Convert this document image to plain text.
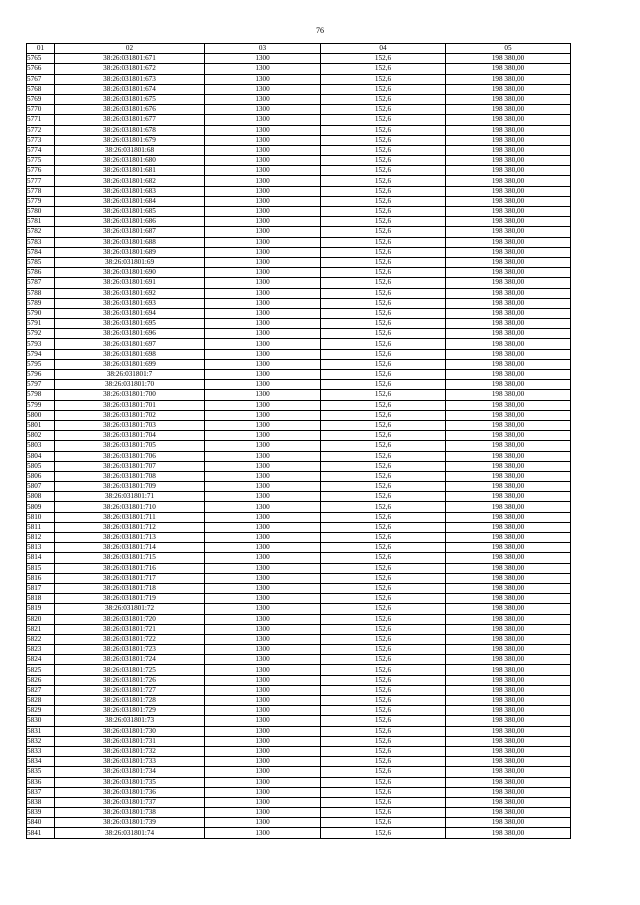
76
01	02	03	04	05
5765	38:26:031801:671	1300	152,6	198 380,00
5766	38:26:031801:672	1300	152,6	198 380,00
5767	38:26:031801:673	1300	152,6	198 380,00
5768	38:26:031801:674	1300	152,6	198 380,00
5769	38:26:031801:675	1300	152,6	198 380,00
5770	38:26:031801:676	1300	152,6	198 380,00
5771	38:26:031801:677	1300	152,6	198 380,00
5772	38:26:031801:678	1300	152,6	198 380,00
5773	38:26:031801:679	1300	152,6	198 380,00
5774	38:26:031801:68	1300	152,6	198 380,00
5775	38:26:031801:680	1300	152,6	198 380,00
5776	38:26:031801:681	1300	152,6	198 380,00
5777	38:26:031801:682	1300	152,6	198 380,00
5778	38:26:031801:683	1300	152,6	198 380,00
5779	38:26:031801:684	1300	152,6	198 380,00
5780	38:26:031801:685	1300	152,6	198 380,00
5781	38:26:031801:686	1300	152,6	198 380,00
5782	38:26:031801:687	1300	152,6	198 380,00
5783	38:26:031801:688	1300	152,6	198 380,00
5784	38:26:031801:689	1300	152,6	198 380,00
5785	38:26:031801:69	1300	152,6	198 380,00
5786	38:26:031801:690	1300	152,6	198 380,00
5787	38:26:031801:691	1300	152,6	198 380,00
5788	38:26:031801:692	1300	152,6	198 380,00
5789	38:26:031801:693	1300	152,6	198 380,00
5790	38:26:031801:694	1300	152,6	198 380,00
5791	38:26:031801:695	1300	152,6	198 380,00
5792	38:26:031801:696	1300	152,6	198 380,00
5793	38:26:031801:697	1300	152,6	198 380,00
5794	38:26:031801:698	1300	152,6	198 380,00
5795	38:26:031801:699	1300	152,6	198 380,00
5796	38:26:031801:7	1300	152,6	198 380,00
5797	38:26:031801:70	1300	152,6	198 380,00
5798	38:26:031801:700	1300	152,6	198 380,00
5799	38:26:031801:701	1300	152,6	198 380,00
5800	38:26:031801:702	1300	152,6	198 380,00
5801	38:26:031801:703	1300	152,6	198 380,00
5802	38:26:031801:704	1300	152,6	198 380,00
5803	38:26:031801:705	1300	152,6	198 380,00
5804	38:26:031801:706	1300	152,6	198 380,00
5805	38:26:031801:707	1300	152,6	198 380,00
5806	38:26:031801:708	1300	152,6	198 380,00
5807	38:26:031801:709	1300	152,6	198 380,00
5808	38:26:031801:71	1300	152,6	198 380,00
5809	38:26:031801:710	1300	152,6	198 380,00
5810	38:26:031801:711	1300	152,6	198 380,00
5811	38:26:031801:712	1300	152,6	198 380,00
5812	38:26:031801:713	1300	152,6	198 380,00
5813	38:26:031801:714	1300	152,6	198 380,00
5814	38:26:031801:715	1300	152,6	198 380,00
5815	38:26:031801:716	1300	152,6	198 380,00
5816	38:26:031801:717	1300	152,6	198 380,00
5817	38:26:031801:718	1300	152,6	198 380,00
5818	38:26:031801:719	1300	152,6	198 380,00
5819	38:26:031801:72	1300	152,6	198 380,00
5820	38:26:031801:720	1300	152,6	198 380,00
5821	38:26:031801:721	1300	152,6	198 380,00
5822	38:26:031801:722	1300	152,6	198 380,00
5823	38:26:031801:723	1300	152,6	198 380,00
5824	38:26:031801:724	1300	152,6	198 380,00
5825	38:26:031801:725	1300	152,6	198 380,00
5826	38:26:031801:726	1300	152,6	198 380,00
5827	38:26:031801:727	1300	152,6	198 380,00
5828	38:26:031801:728	1300	152,6	198 380,00
5829	38:26:031801:729	1300	152,6	198 380,00
5830	38:26:031801:73	1300	152,6	198 380,00
5831	38:26:031801:730	1300	152,6	198 380,00
5832	38:26:031801:731	1300	152,6	198 380,00
5833	38:26:031801:732	1300	152,6	198 380,00
5834	38:26:031801:733	1300	152,6	198 380,00
5835	38:26:031801:734	1300	152,6	198 380,00
5836	38:26:031801:735	1300	152,6	198 380,00
5837	38:26:031801:736	1300	152,6	198 380,00
5838	38:26:031801:737	1300	152,6	198 380,00
5839	38:26:031801:738	1300	152,6	198 380,00
5840	38:26:031801:739	1300	152,6	198 380,00
5841	38:26:031801:74	1300	152,6	198 380,00
